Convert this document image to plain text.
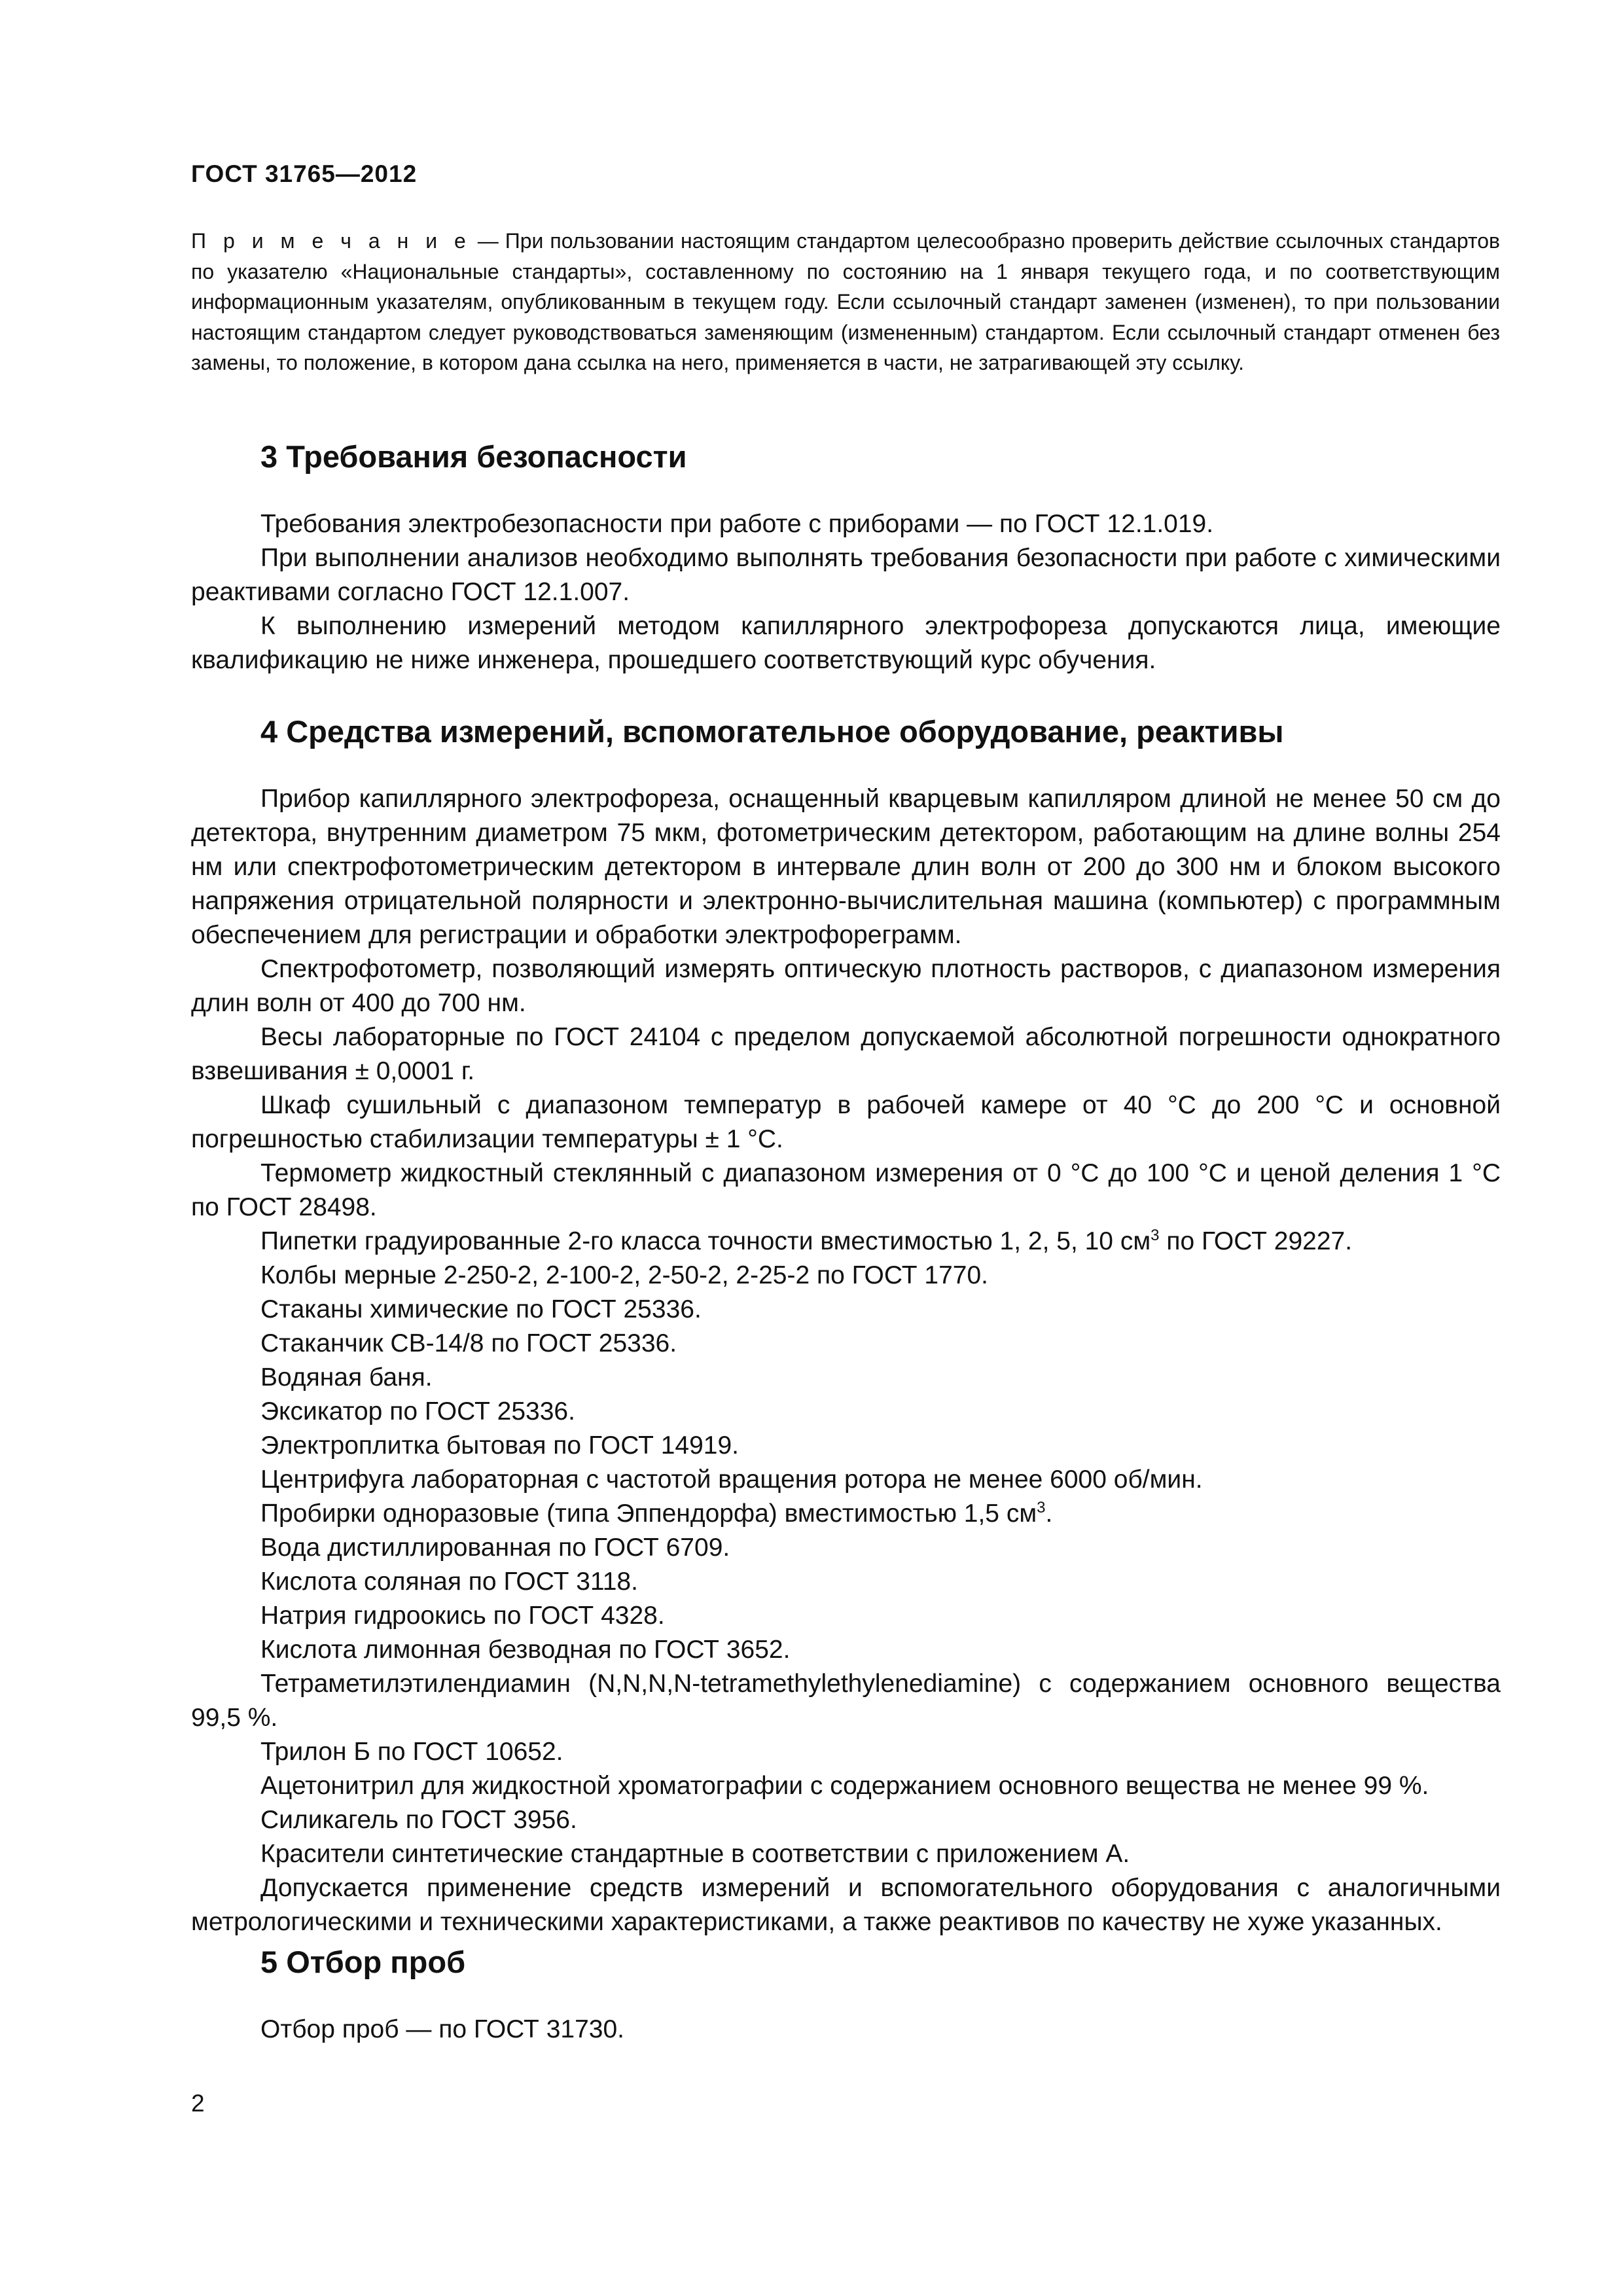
ГОСТ 31765—2012

П р и м е ч а н и е — При пользовании настоящим стандартом целесообразно проверить действие ссылочных стандартов по указателю «Национальные стандарты», составленному по состоянию на 1 января текущего года, и по соответствующим информационным указателям, опубликованным в текущем году. Если ссылочный стандарт заменен (изменен), то при пользовании настоящим стандартом следует руководствоваться заменяющим (измененным) стандартом. Если ссылочный стандарт отменен без замены, то положение, в котором дана ссылка на него, применяется в части, не затрагивающей эту ссылку.

3 Требования безопасности

Требования электробезопасности при работе с приборами — по ГОСТ 12.1.019.

При выполнении анализов необходимо выполнять требования безопасности при работе с химическими реактивами согласно ГОСТ 12.1.007.

К выполнению измерений методом капиллярного электрофореза допускаются лица, имеющие квалификацию не ниже инженера, прошедшего соответствующий курс обучения.

4 Средства измерений, вспомогательное оборудование, реактивы

Прибор капиллярного электрофореза, оснащенный кварцевым капилляром длиной не менее 50 см до детектора, внутренним диаметром 75 мкм, фотометрическим детектором, работающим на длине волны 254 нм или спектрофотометрическим детектором в интервале длин волн от 200 до 300 нм и блоком высокого напряжения отрицательной полярности и электронно-вычислительная машина (компьютер) с программным обеспечением для регистрации и обработки электрофореграмм.

Спектрофотометр, позволяющий измерять оптическую плотность растворов, с диапазоном измерения длин волн от 400 до 700 нм.

Весы лабораторные по ГОСТ 24104 с пределом допускаемой абсолютной погрешности однократного взвешивания ± 0,0001 г.

Шкаф сушильный с диапазоном температур в рабочей камере от 40 °С до 200 °С и основной погрешностью стабилизации температуры ± 1 °С.

Термометр жидкостный стеклянный с диапазоном измерения от 0 °С до 100 °С и ценой деления 1 °С по ГОСТ 28498.

Пипетки градуированные 2-го класса точности вместимостью 1, 2, 5, 10 $см^3$ по ГОСТ 29227.

Колбы мерные 2-250-2, 2-100-2, 2-50-2, 2-25-2 по ГОСТ 1770.

Стаканы химические по ГОСТ 25336.

Стаканчик СВ-14/8 по ГОСТ 25336.

Водяная баня.

Эксикатор по ГОСТ 25336.

Электроплитка бытовая по ГОСТ 14919.

Центрифуга лабораторная с частотой вращения ротора не менее 6000 об/мин.

Пробирки одноразовые (типа Эппендорфа) вместимостью 1,5 $см^3$.

Вода дистиллированная по ГОСТ 6709.

Кислота соляная по ГОСТ 3118.

Натрия гидроокись по ГОСТ 4328.

Кислота лимонная безводная по ГОСТ 3652.

Тетраметилэтилендиамин (N,N,N,N-tetramethylethylenediamine) с содержанием основного вещества 99,5 %.

Трилон Б по ГОСТ 10652.

Ацетонитрил для жидкостной хроматографии с содержанием основного вещества не менее 99 %.

Силикагель по ГОСТ 3956.

Красители синтетические стандартные в соответствии с приложением А.

Допускается применение средств измерений и вспомогательного оборудования с аналогичными метрологическими и техническими характеристиками, а также реактивов по качеству не хуже указанных.

5 Отбор проб

Отбор проб — по ГОСТ 31730.

2
